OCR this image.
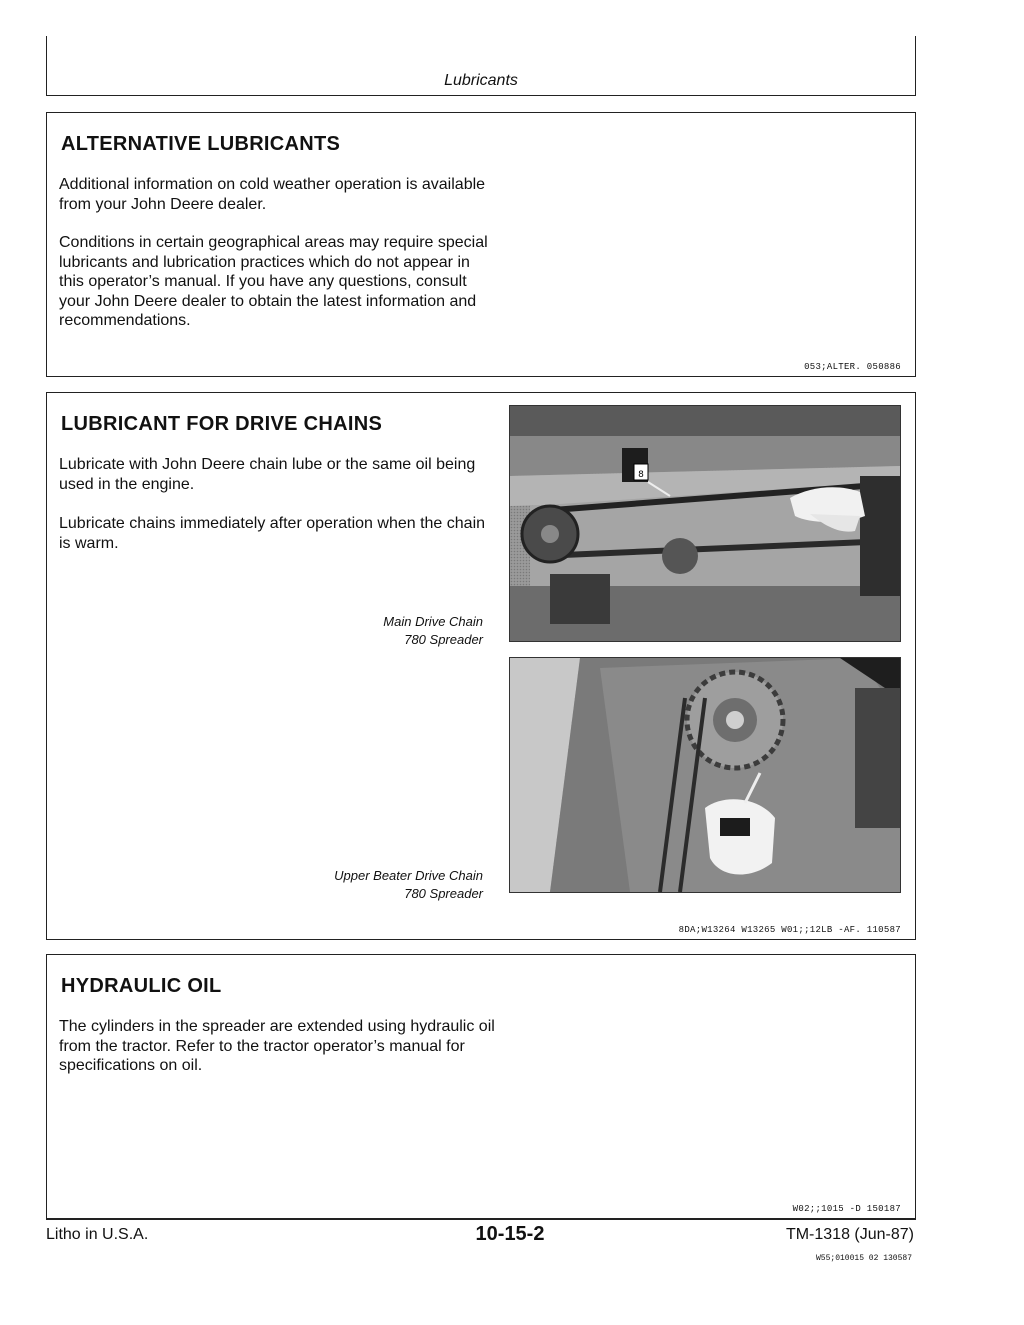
Lubricants
ALTERNATIVE LUBRICANTS

Additional information on cold weather operation is available from your John Deere dealer.

Conditions in certain geographical areas may require special lubricants and lubrication practices which do not appear in this operator’s manual. If you have any questions, consult your John Deere dealer to obtain the latest information and recommendations.

053;ALTER. 050886
LUBRICANT FOR DRIVE CHAINS

Lubricate with John Deere chain lube or the same oil being used in the engine.

Lubricate chains immediately after operation when the chain is warm.

Main Drive Chain
780 Spreader
Upper Beater Drive Chain
780 Spreader
8
8DA;W13264 W13265 W01;;12LB -AF. 110587
HYDRAULIC OIL

The cylinders in the spreader are extended using hydraulic oil from the tractor. Refer to the tractor operator’s manual for specifications on oil.

W02;;1015 -D 150187
Litho in U.S.A.	10-15-2	TM-1318 (Jun-87)
W55;010015 02 130587
